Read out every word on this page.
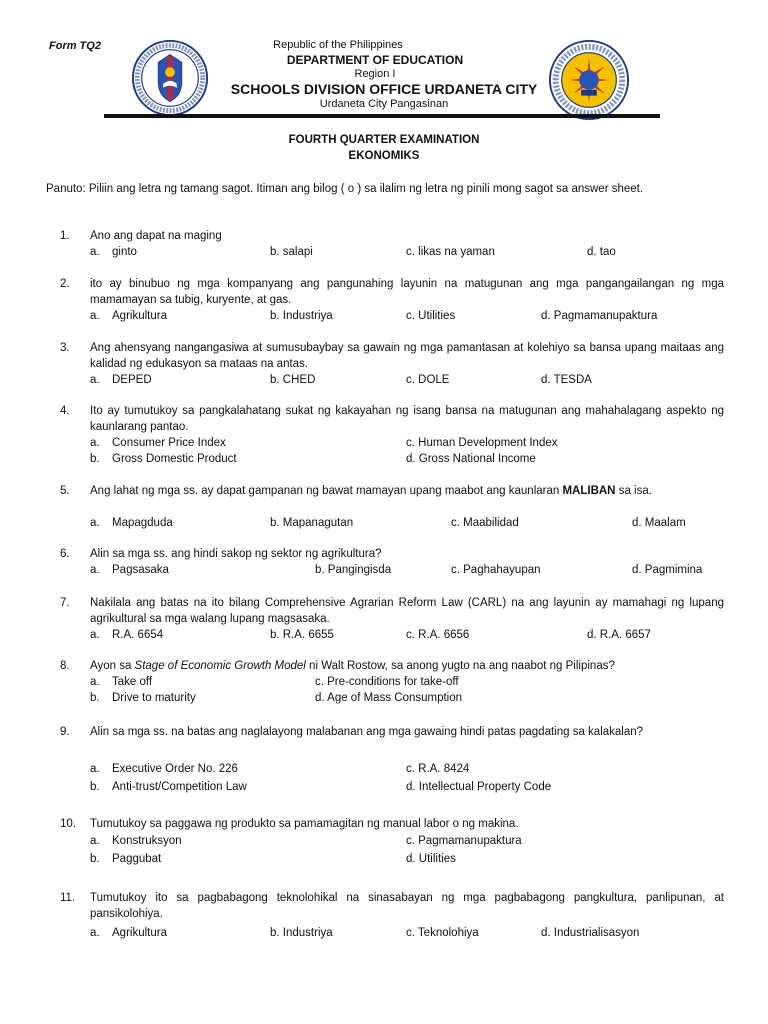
Form TQ2	Republic of the Philippines
DEPARTMENT OF EDUCATION
Region I
SCHOOLS DIVISION OFFICE URDANETA CITY
Urdaneta City Pangasinan
FOURTH QUARTER EXAMINATION
EKONOMIKS
Panuto: Piliin ang letra ng tamang sagot. Itiman ang bilog ( o ) sa ilalim ng letra ng pinili mong sagot sa answer sheet.
1.	Ano ang dapat na maging
a. ginto	b. salapi	c. likas na yaman	d. tao
2.	ito ay binubuo ng mga kompanyang ang pangunahing layunin na matugunan ang mga pangangailangan ng mga mamamayan sa tubig, kuryente, at gas.
a. Agrikultura	b. Industriya	c. Utilities	d. Pagmamanupaktura
3.	Ang ahensyang nangangasiwa at sumusubaybay sa gawain ng mga pamantasan at kolehiyo sa bansa upang maitaas ang kalidad ng edukasyon sa mataas na antas.
a. DEPED	b. CHED	c. DOLE	d. TESDA
4.	Ito ay tumutukoy sa pangkalahatang sukat ng kakayahan ng isang bansa na matugunan ang mahahalagang aspekto ng kaunlarang pantao.
a. Consumer Price Index	c. Human Development Index
b. Gross Domestic Product	d. Gross National Income
5.	Ang lahat ng mga ss. ay dapat gampanan ng bawat mamayan upang maabot ang kaunlaran MALIBAN sa isa.
a. Mapagduda	b. Mapanagutan	c. Maabilidad	d. Maalam
6.	Alin sa mga ss. ang hindi sakop ng sektor ng agrikultura?
a. Pagsasaka	b. Pangingisda	c. Paghahayupan	d. Pagmimina
7.	Nakilala ang batas na ito bilang Comprehensive Agrarian Reform Law (CARL) na ang layunin ay mamahagi ng lupang agrikultural sa mga walang lupang magsasaka.
a. R.A. 6654	b. R.A. 6655	c. R.A. 6656	d. R.A. 6657
8.	Ayon sa Stage of Economic Growth Model ni Walt Rostow, sa anong yugto na ang naabot ng Pilipinas?
a. Take off	c. Pre-conditions for take-off
b. Drive to maturity	d. Age of Mass Consumption
9.	Alin sa mga ss. na batas ang naglalayong malabanan ang mga gawaing hindi patas pagdating sa kalakalan?
a. Executive Order No. 226	c. R.A. 8424
b. Anti-trust/Competition Law	d. Intellectual Property Code
10.	Tumutukoy sa paggawa ng produkto sa pamamagitan ng manual labor o ng makina.
a. Konstruksyon	c. Pagmamanupaktura
b. Paggubat	d. Utilities
11.	Tumutukoy ito sa pagbabagong teknolohikal na sinasabayan ng mga pagbabagong pangkultura, panlipunan, at pansikolohiya.
a. Agrikultura	b. Industriya	c. Teknolohiya	d. Industrialisasyon
